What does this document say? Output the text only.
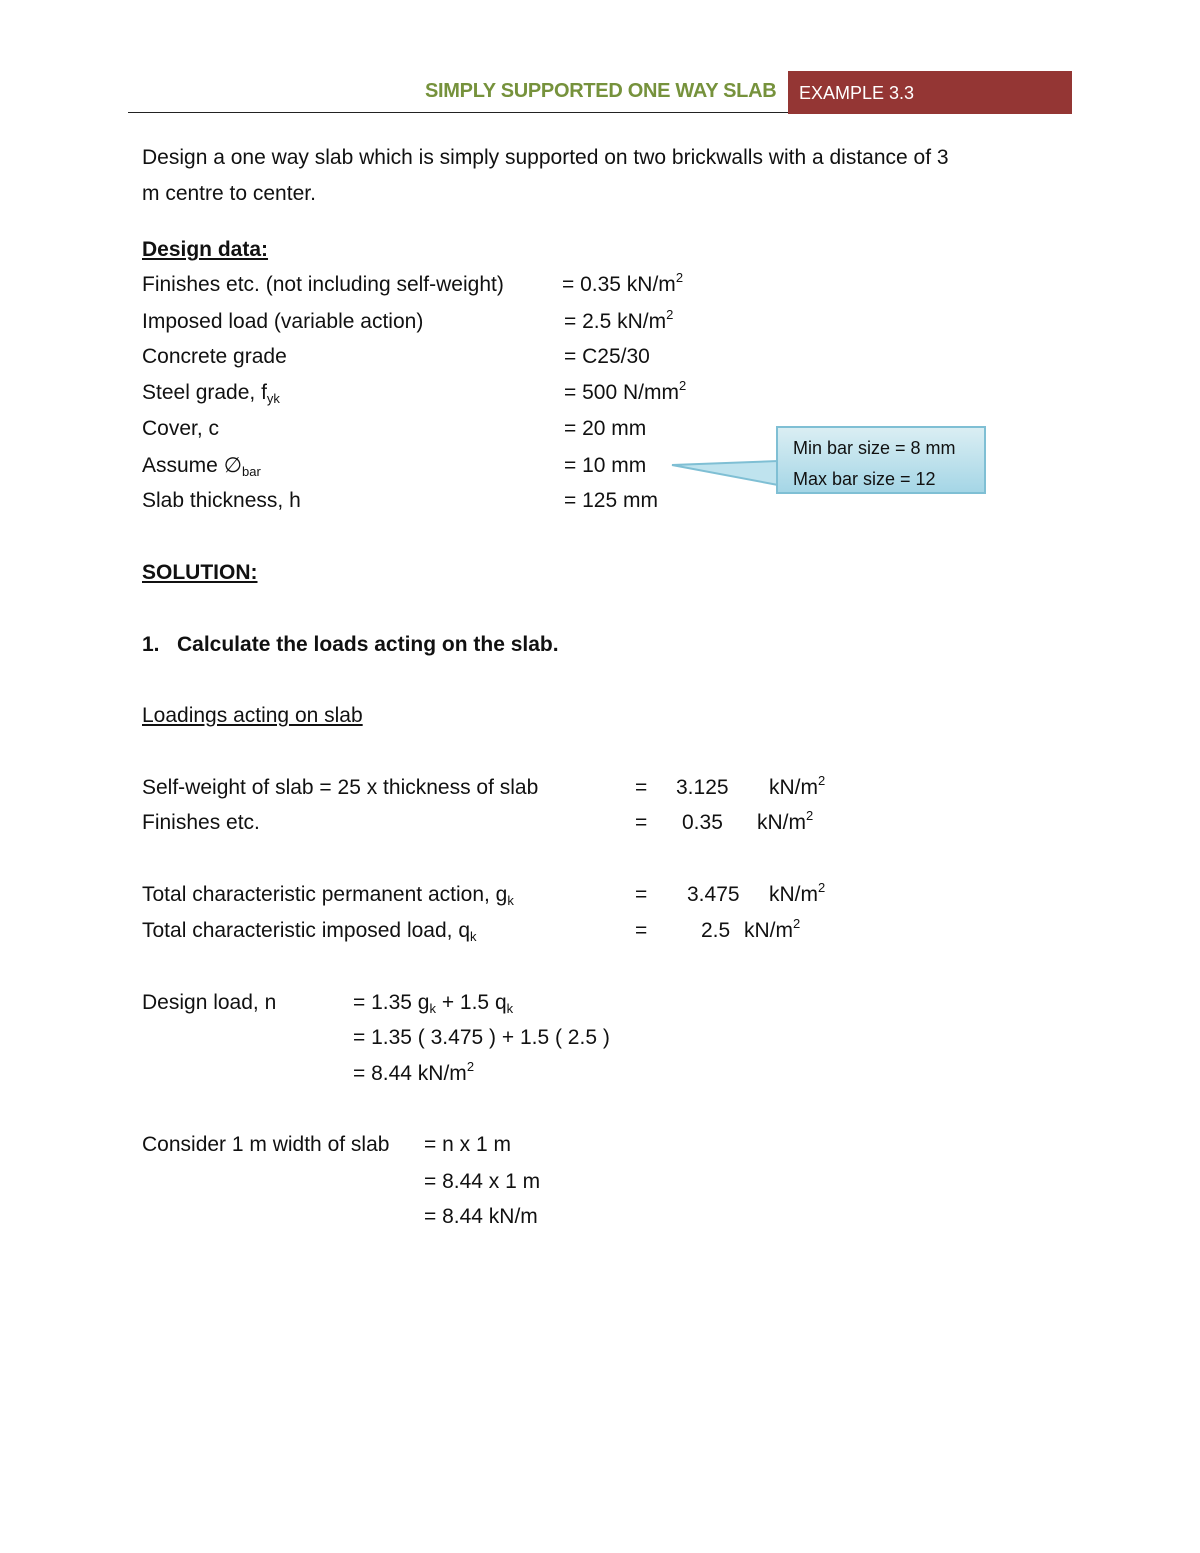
SIMPLY SUPPORTED ONE WAY SLAB EXAMPLE 3.3
Design a one way slab which is simply supported on two brickwalls with a distance of 3
m centre to center.
Design data:
Finishes etc. (not including self-weight)	= 0.35 $kN/m^2$
Imposed load (variable action)	= 2.5 $kN/m^2$
Concrete grade	= C25/30
Steel grade, $f_{yk}$	= 500 $N/mm^2$
Cover, c	= 20 mm
Assume $\emptyset_{bar}$	= 10 mm
Slab thickness, h	= 125 mm
Min bar size = 8 mm
Max bar size = 12
SOLUTION:
1. Calculate the loads acting on the slab.
Loadings acting on slab
Self-weight of slab = 25 x thickness of slab	= 3.125 $kN/m^2$
Finishes etc.	= 0.35 $kN/m^2$
Total characteristic permanent action, $g_k$	= 3.475 $kN/m^2$
Total characteristic imposed load, $q_k$	=	2.5 $kN/m^2$
Design load, n	= 1.35 $g_k + 1.5$ $q_k$
= 1.35 ( 3.475 ) + 1.5 ( 2.5 )
= 8.44 $kN/m^2$
Consider 1 m width of slab = n x 1 m
= 8.44 x 1 m
= 8.44 kN/m
